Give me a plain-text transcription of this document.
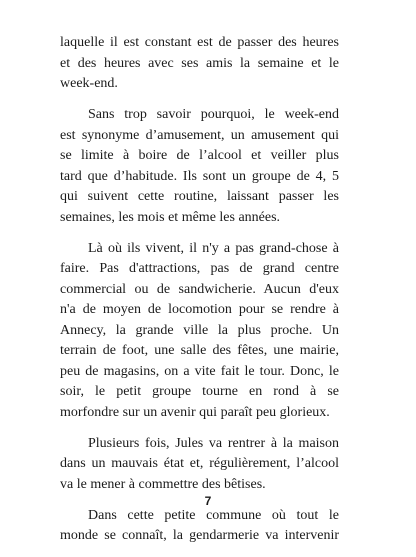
laquelle il est constant est de passer des heures
et des heures avec ses amis la semaine et le
week-end.
Sans trop savoir pourquoi, le week-end
est synonyme d’amusement, un amusement qui
se limite à boire de l’alcool et veiller plus
tard que d’habitude. Ils sont un groupe de 4, 5
qui suivent cette routine, laissant passer les
semaines, les mois et même les années.
Là où ils vivent, il n'y a pas grand-chose à
faire. Pas d'attractions, pas de grand centre
commercial ou de sandwicherie. Aucun d'eux
n'a de moyen de locomotion pour se rendre à
Annecy, la grande ville la plus proche. Un
terrain de foot, une salle des fêtes, une mairie,
peu de magasins, on a vite fait le tour. Donc, le
soir, le petit groupe tourne en rond à se
morfondre sur un avenir qui paraît peu glorieux.
Plusieurs fois, Jules va rentrer à la maison
dans un mauvais état et, régulièrement, l’alcool
va le mener à commettre des bêtises.
Dans cette petite commune où tout le
monde se connaît, la gendarmerie va intervenir
7
